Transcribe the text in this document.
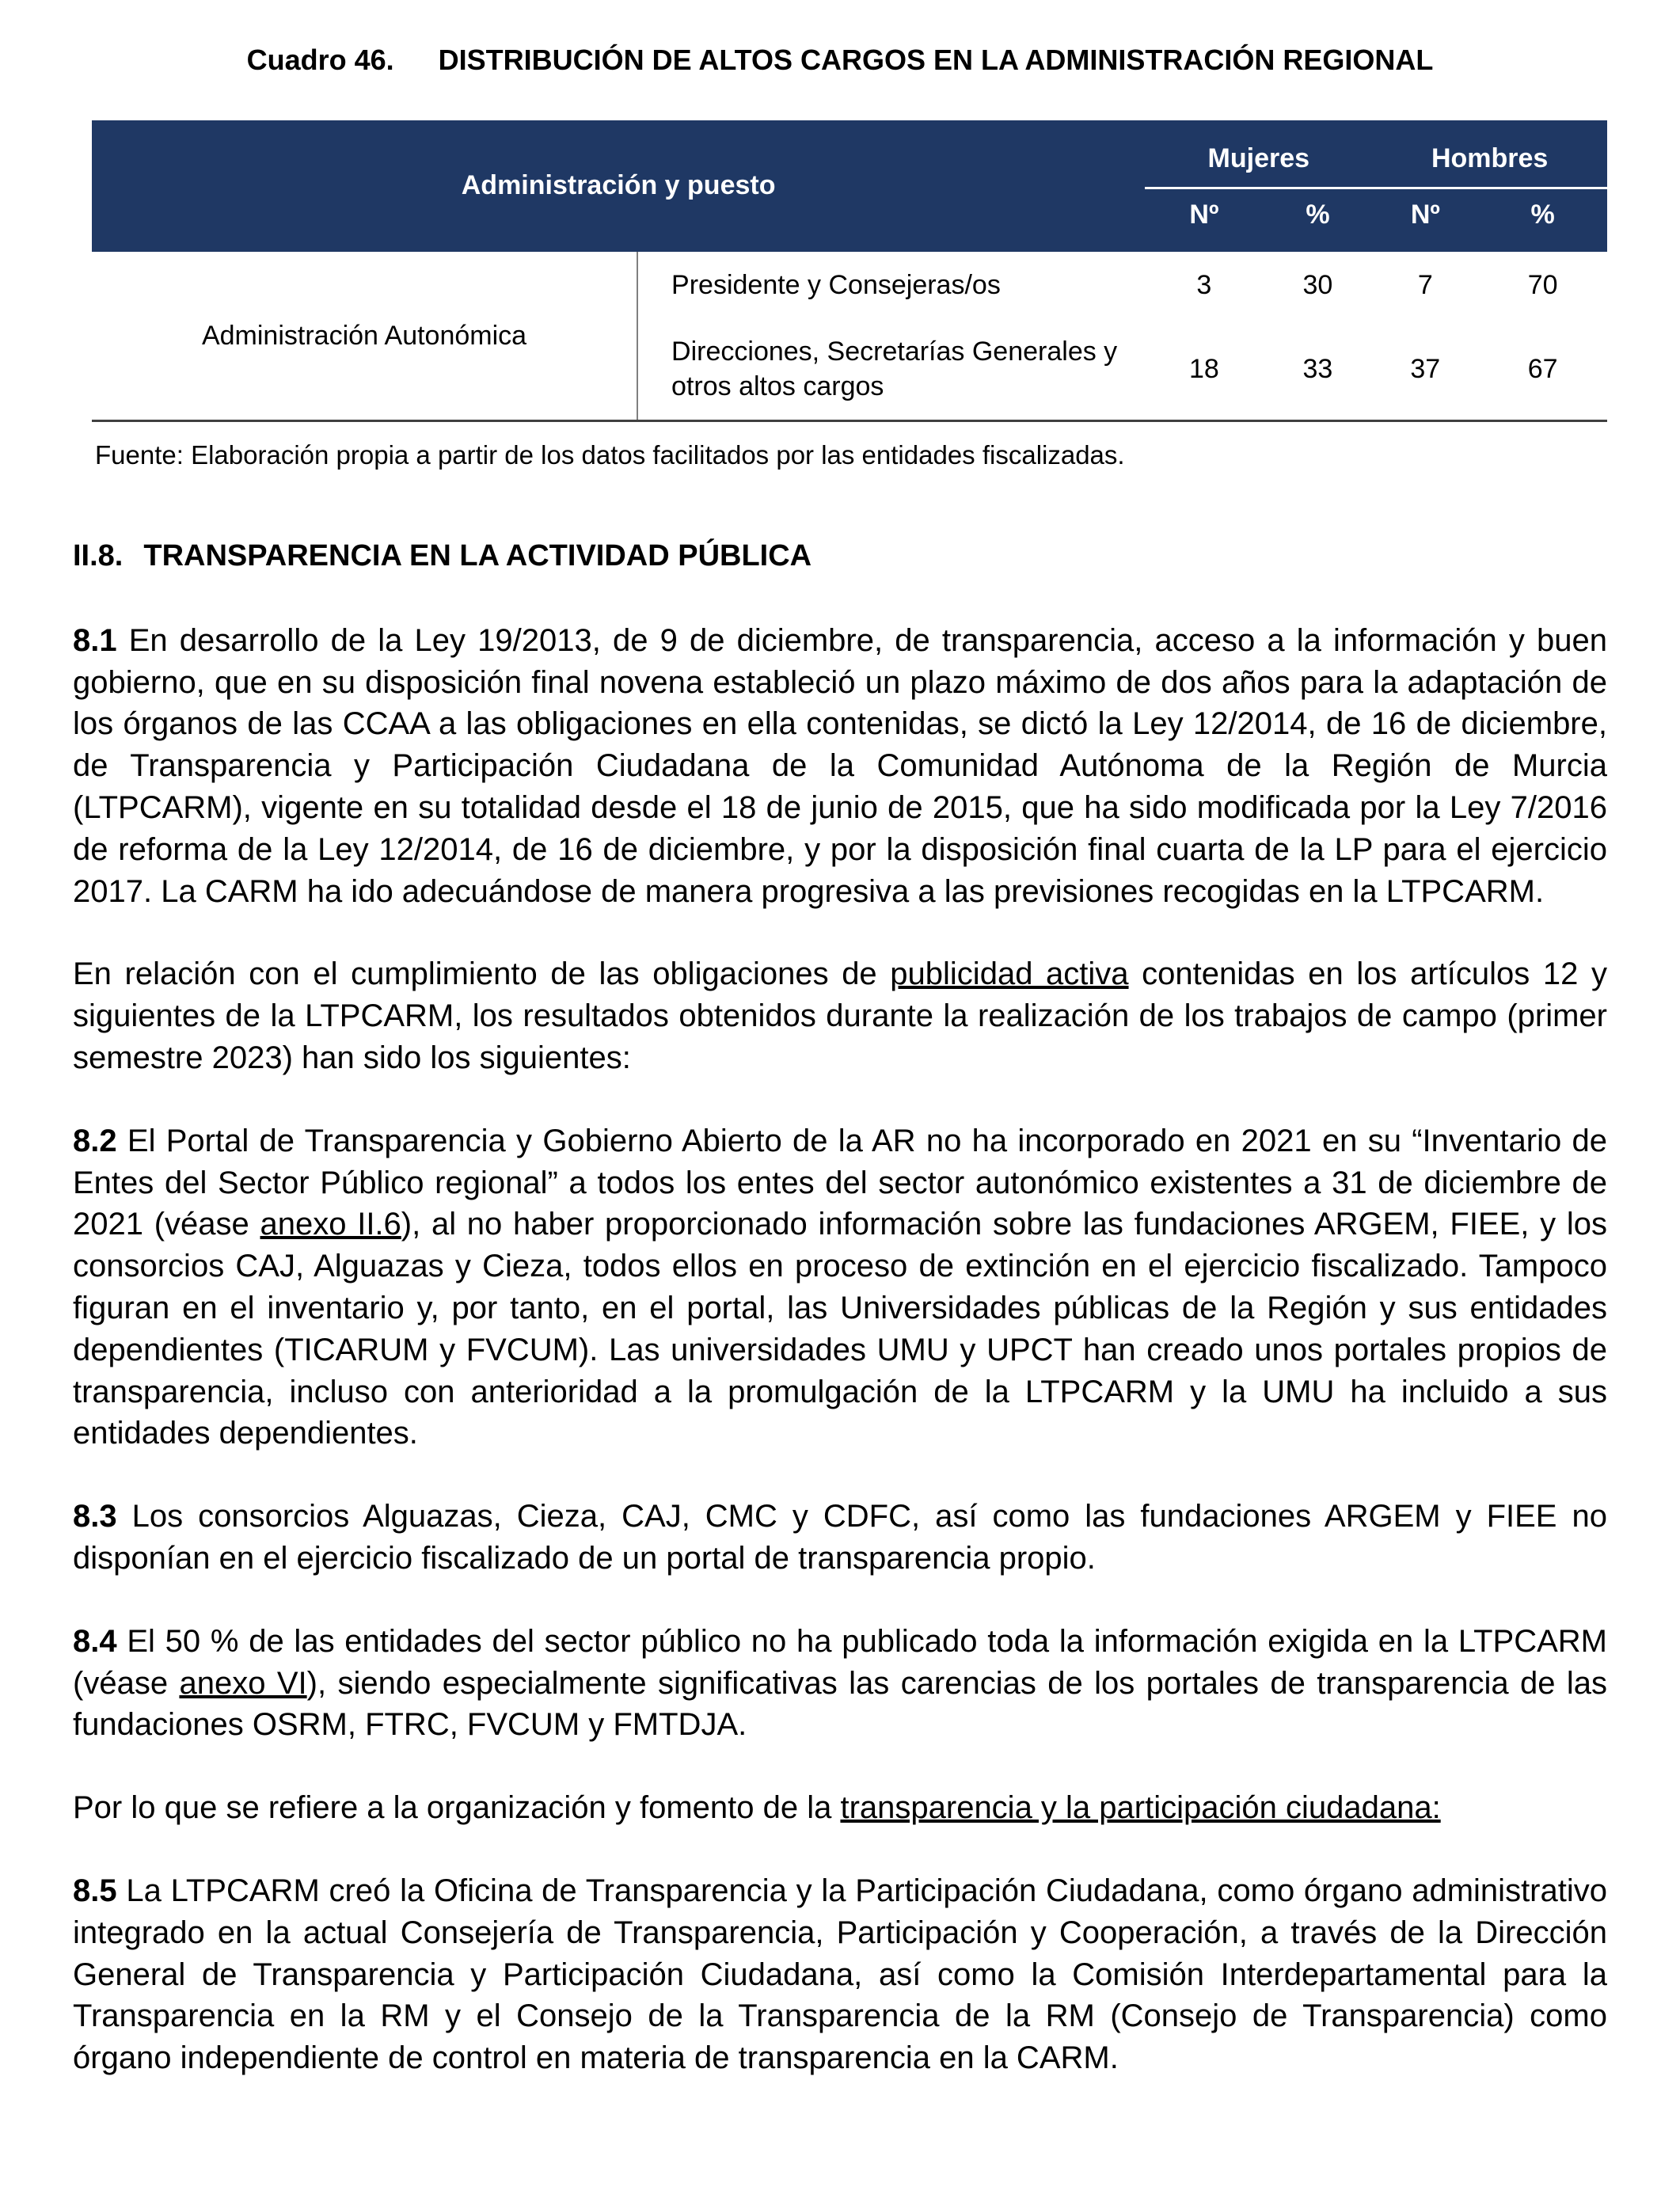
Cuadro 46. DISTRIBUCIÓN DE ALTOS CARGOS EN LA ADMINISTRACIÓN REGIONAL
Administración y puesto		Mujeres		Hombres	
		Nº	%	Nº	%
Administración Autonómica	Presidente y Consejeras/os	3	30	7	70
	Direcciones, Secretarías Generales y otros altos cargos	18	33	37	67

Fuente: Elaboración propia a partir de los datos facilitados por las entidades fiscalizadas.

II.8. TRANSPARENCIA EN LA ACTIVIDAD PÚBLICA

8.1 En desarrollo de la Ley 19/2013, de 9 de diciembre, de transparencia, acceso a la información y buen gobierno, que en su disposición final novena estableció un plazo máximo de dos años para la adaptación de los órganos de las CCAA a las obligaciones en ella contenidas, se dictó la Ley 12/2014, de 16 de diciembre, de Transparencia y Participación Ciudadana de la Comunidad Autónoma de la Región de Murcia (LTPCARM), vigente en su totalidad desde el 18 de junio de 2015, que ha sido modificada por la Ley 7/2016 de reforma de la Ley 12/2014, de 16 de diciembre, y por la disposición final cuarta de la LP para el ejercicio 2017. La CARM ha ido adecuándose de manera progresiva a las previsiones recogidas en la LTPCARM.

En relación con el cumplimiento de las obligaciones de publicidad activa contenidas en los artículos 12 y siguientes de la LTPCARM, los resultados obtenidos durante la realización de los trabajos de campo (primer semestre 2023) han sido los siguientes:

8.2 El Portal de Transparencia y Gobierno Abierto de la AR no ha incorporado en 2021 en su “Inventario de Entes del Sector Público regional” a todos los entes del sector autonómico existentes a 31 de diciembre de 2021 (véase anexo II.6), al no haber proporcionado información sobre las fundaciones ARGEM, FIEE, y los consorcios CAJ, Alguazas y Cieza, todos ellos en proceso de extinción en el ejercicio fiscalizado. Tampoco figuran en el inventario y, por tanto, en el portal, las Universidades públicas de la Región y sus entidades dependientes (TICARUM y FVCUM). Las universidades UMU y UPCT han creado unos portales propios de transparencia, incluso con anterioridad a la promulgación de la LTPCARM y la UMU ha incluido a sus entidades dependientes.

8.3 Los consorcios Alguazas, Cieza, CAJ, CMC y CDFC, así como las fundaciones ARGEM y FIEE no disponían en el ejercicio fiscalizado de un portal de transparencia propio.

8.4 El 50 % de las entidades del sector público no ha publicado toda la información exigida en la LTPCARM (véase anexo VI), siendo especialmente significativas las carencias de los portales de transparencia de las fundaciones OSRM, FTRC, FVCUM y FMTDJA.

Por lo que se refiere a la organización y fomento de la transparencia y la participación ciudadana:

8.5 La LTPCARM creó la Oficina de Transparencia y la Participación Ciudadana, como órgano administrativo integrado en la actual Consejería de Transparencia, Participación y Cooperación, a través de la Dirección General de Transparencia y Participación Ciudadana, así como la Comisión Interdepartamental para la Transparencia en la RM y el Consejo de la Transparencia de la RM (Consejo de Transparencia) como órgano independiente de control en materia de transparencia en la CARM.
